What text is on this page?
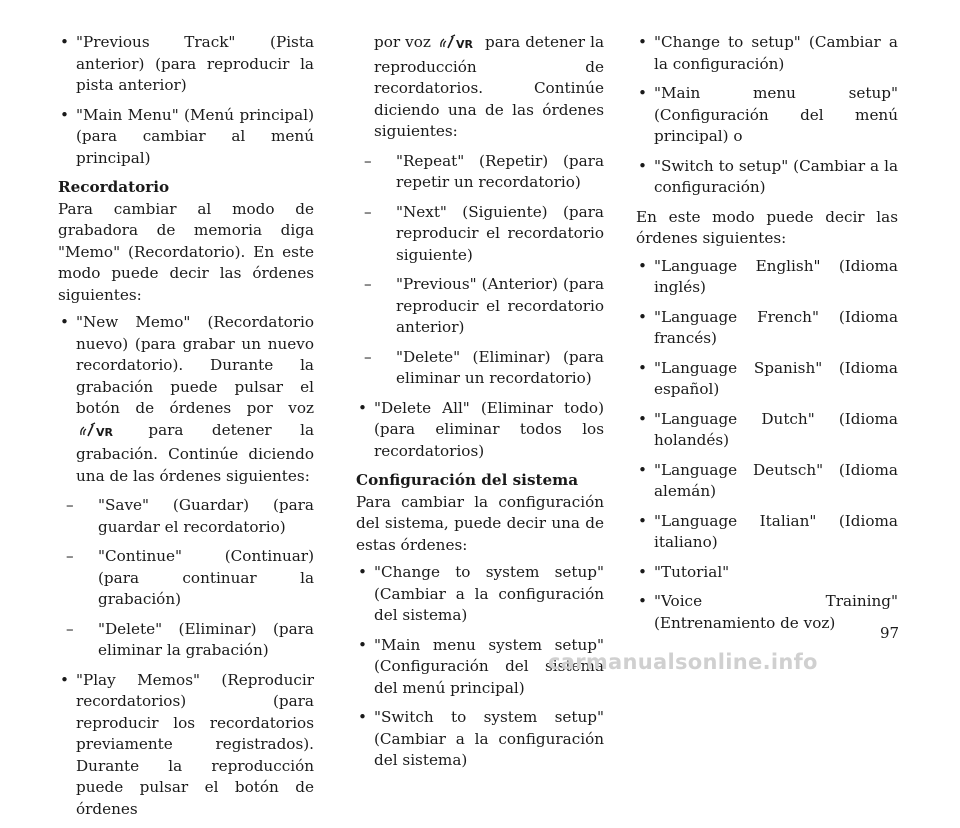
• "Previous Track" (Pista anterior) (para reproducir la pista anterior)
• "Main Menu" (Menú principal) (para cambiar al menú principal)

Recordatorio

Para cambiar al modo de grabadora de memoria diga "Memo" (Recordatorio). En este modo puede decir las órdenes siguientes:

• "New Memo" (Recordatorio nuevo) (para grabar un nuevo recordatorio). Durante la grabación puede pulsar el botón de órdenes por voz
VR para detener la grabación. Continúe diciendo una de las órdenes siguientes:
– "Save" (Guardar) (para guardar el recordatorio)
– "Continue" (Continuar) (para continuar la grabación)
– "Delete" (Eliminar) (para eliminar la grabación)
• "Play Memos" (Reproducir recordatorios) (para reproducir los recordatorios previamente registrados). Durante la reproducción puede pulsar el botón de órdenes

por voz VR para detener la reproducción de recordatorios. Continúe diciendo una de las órdenes siguientes:

– "Repeat" (Repetir) (para repetir un recordatorio)
– "Next" (Siguiente) (para reproducir el recordatorio siguiente)
– "Previous" (Anterior) (para reproducir el recordatorio anterior)
– "Delete" (Eliminar) (para eliminar un recordatorio)
• "Delete All" (Eliminar todo) (para eliminar todos los recordatorios)

Configuración del sistema

Para cambiar la configuración del sistema, puede decir una de estas órdenes:

• "Change to system setup" (Cambiar a la configuración del sistema)
• "Main menu system setup" (Configuración del sistema del menú principal)
• "Switch to system setup" (Cambiar a la configuración del sistema)
• "Change to setup" (Cambiar a la configuración)
• "Main menu setup" (Configuración del menú principal) o
• "Switch to setup" (Cambiar a la configuración)

En este modo puede decir las órdenes siguientes:

• "Language English" (Idioma inglés)
• "Language French" (Idioma francés)
• "Language Spanish" (Idioma español)
• "Language Dutch" (Idioma holandés)
• "Language Deutsch" (Idioma alemán)
• "Language Italian" (Idioma italiano)
• "Tutorial"
• "Voice Training" (Entrenamiento de voz)
97
carmanualsonline.info
